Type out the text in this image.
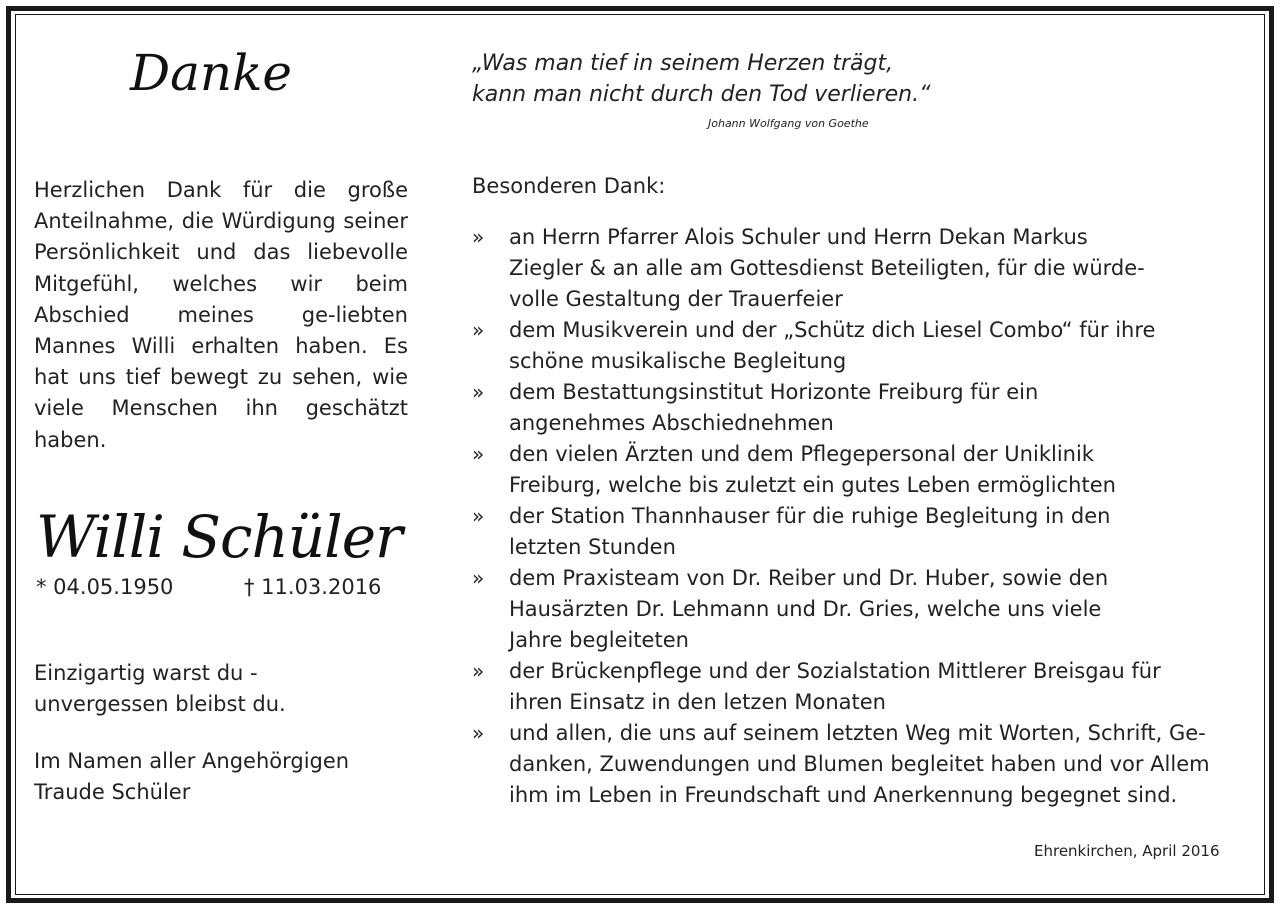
Danke	„Was man tief in seinem Herzen trägt,
kann man nicht durch den Tod verlieren.“
Johann Wolfgang von Goethe
Herzlichen Dank für die große Anteilnahme, die Würdigung seiner Persönlichkeit und das liebevolle Mitgefühl, welches wir beim Abschied meines ge-liebten Mannes Willi erhalten haben. Es hat uns tief bewegt zu sehen, wie viele Menschen ihn geschätzt haben.
Willi Schüler
* 04.05.1950	† 11.03.2016
Einzigartig warst du -
unvergessen bleibst du.
Im Namen aller Angehörgigen
Traude Schüler
Besonderen Dank:
» an Herrn Pfarrer Alois Schuler und Herrn Dekan Markus
Ziegler & an alle am Gottesdienst Beteiligten, für die würde-
volle Gestaltung der Trauerfeier
» dem Musikverein und der „Schütz dich Liesel Combo“ für ihre
schöne musikalische Begleitung
» dem Bestattungsinstitut Horizonte Freiburg für ein
angenehmes Abschiednehmen
» den vielen Ärzten und dem Pflegepersonal der Uniklinik
Freiburg, welche bis zuletzt ein gutes Leben ermöglichten
» der Station Thannhauser für die ruhige Begleitung in den
letzten Stunden
» dem Praxisteam von Dr. Reiber und Dr. Huber, sowie den
Hausärzten Dr. Lehmann und Dr. Gries, welche uns viele
Jahre begleiteten
» der Brückenpflege und der Sozialstation Mittlerer Breisgau für
ihren Einsatz in den letzen Monaten
» und allen, die uns auf seinem letzten Weg mit Worten, Schrift, Ge-
danken, Zuwendungen und Blumen begleitet haben und vor Allem
ihm im Leben in Freundschaft und Anerkennung begegnet sind.
Ehrenkirchen, April 2016
